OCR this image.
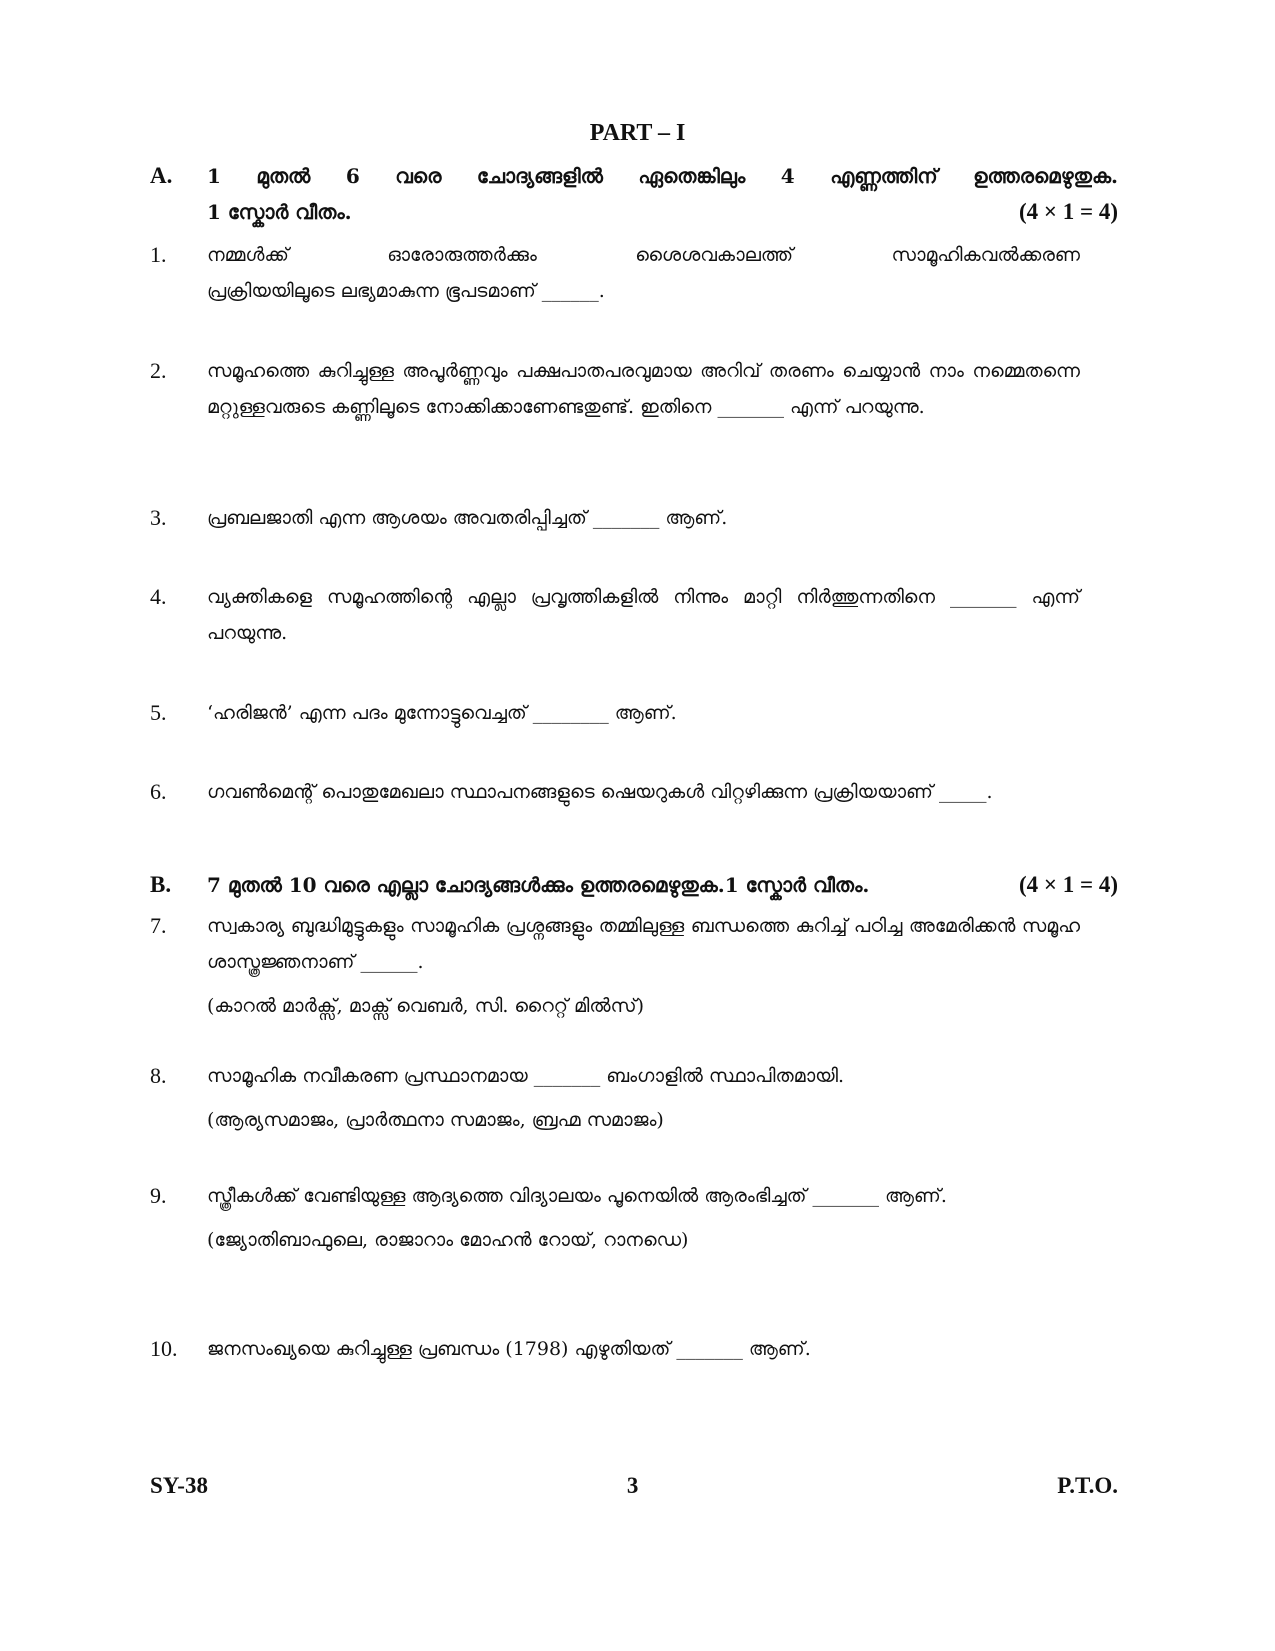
PART – I
A. 1 മുതൽ 6 വരെ ചോദ്യങ്ങളിൽ ഏതെങ്കിലും 4 എണ്ണത്തിന് ഉത്തരമെഴുതുക.
1 സ്കോർ വീതം.	(4 × 1 = 4)
1. നമ്മൾക്ക് ഓരോരുത്തർക്കും ശൈശവകാലത്ത് സാമൂഹികവൽക്കരണ
പ്രക്രിയയിലൂടെ ലഭ്യമാകുന്ന ഭൂപടമാണ് ______.
2. സമൂഹത്തെ കുറിച്ചുള്ള അപൂർണ്ണവും പക്ഷപാതപരവുമായ അറിവ് തരണം ചെയ്യാൻ നാം നമ്മെതന്നെ മറ്റുള്ളവരുടെ കണ്ണിലൂടെ നോക്കിക്കാണേണ്ടതുണ്ട്. ഇതിനെ _______ എന്ന് പറയുന്നു.
3. പ്രബലജാതി എന്ന ആശയം അവതരിപ്പിച്ചത് _______ ആണ്.
4. വ്യക്തികളെ സമൂഹത്തിന്റെ എല്ലാ പ്രവൃത്തികളിൽ നിന്നും മാറ്റി നിർത്തുന്നതിനെ _______ എന്ന് പറയുന്നു.
5. ‘ഹരിജൻ’ എന്ന പദം മുന്നോട്ടുവെച്ചത് ________ ആണ്.
6. ഗവൺമെന്റ് പൊതുമേഖലാ സ്ഥാപനങ്ങളുടെ ഷെയറുകൾ വിറ്റഴിക്കുന്ന പ്രക്രിയയാണ് _____.
B. 7 മുതൽ 10 വരെ എല്ലാ ചോദ്യങ്ങൾക്കും ഉത്തരമെഴുതുക.1 സ്കോർ വീതം.	(4 × 1 = 4)
7. സ്വകാര്യ ബുദ്ധിമുട്ടുകളും സാമൂഹിക പ്രശ്നങ്ങളും തമ്മിലുള്ള ബന്ധത്തെ കുറിച്ച് പഠിച്ച അമേരിക്കൻ സമൂഹ ശാസ്ത്രജ്ഞനാണ് ______.
(കാറൽ മാർക്സ്, മാക്സ് വെബർ, സി. റൈറ്റ് മിൽസ്)
8. സാമൂഹിക നവീകരണ പ്രസ്ഥാനമായ _______ ബംഗാളിൽ സ്ഥാപിതമായി.
(ആര്യസമാജം, പ്രാർത്ഥനാ സമാജം, ബ്രഹ്മ സമാജം)
9. സ്ത്രീകൾക്ക് വേണ്ടിയുള്ള ആദ്യത്തെ വിദ്യാലയം പൂനെയിൽ ആരംഭിച്ചത് _______ ആണ്.
(ജ്യോതിബാഫുലെ, രാജാറാം മോഹൻ റോയ്, റാനഡെ)
10. ജനസംഖ്യയെ കുറിച്ചുള്ള പ്രബന്ധം (1798) എഴുതിയത് _______ ആണ്.
SY-38	3	P.T.O.
